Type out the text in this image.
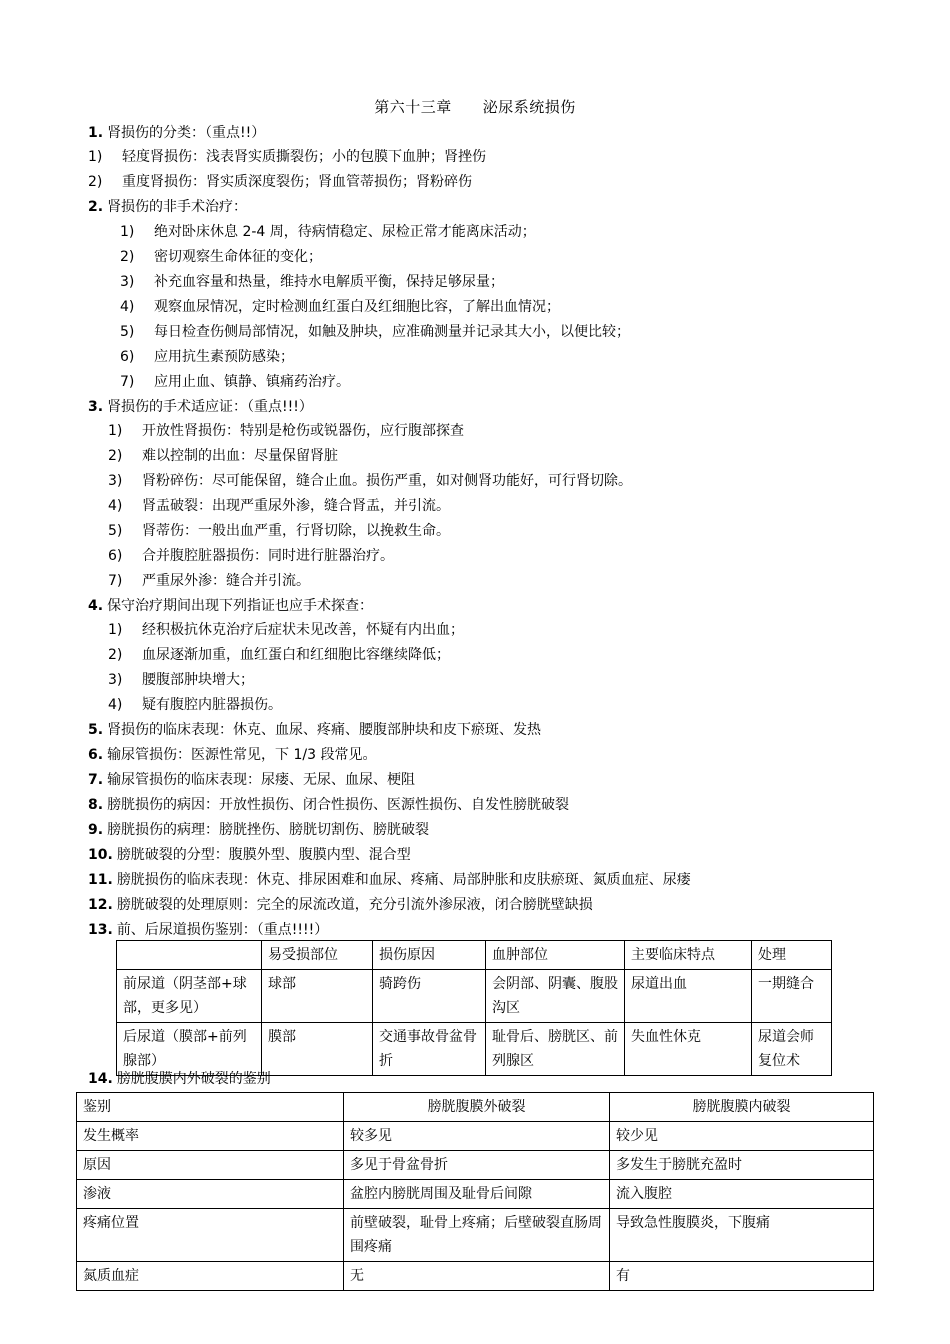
第六十三章　　泌尿系统损伤
1. 肾损伤的分类：（重点!!）
1) 轻度肾损伤：浅表肾实质撕裂伤；小的包膜下血肿；肾挫伤
2) 重度肾损伤：肾实质深度裂伤；肾血管蒂损伤；肾粉碎伤
2. 肾损伤的非手术治疗：
1) 绝对卧床休息 2-4 周，待病情稳定、尿检正常才能离床活动；
2) 密切观察生命体征的变化；
3) 补充血容量和热量，维持水电解质平衡，保持足够尿量；
4) 观察血尿情况，定时检测血红蛋白及红细胞比容，了解出血情况；
5) 每日检查伤侧局部情况，如触及肿块，应准确测量并记录其大小，以便比较；
6) 应用抗生素预防感染；
7) 应用止血、镇静、镇痛药治疗。
3. 肾损伤的手术适应证：（重点!!!）
1) 开放性肾损伤：特别是枪伤或锐器伤，应行腹部探查
2) 难以控制的出血：尽量保留肾脏
3) 肾粉碎伤：尽可能保留，缝合止血。损伤严重，如对侧肾功能好，可行肾切除。
4) 肾盂破裂：出现严重尿外渗，缝合肾盂，并引流。
5) 肾蒂伤：一般出血严重，行肾切除，以挽救生命。
6) 合并腹腔脏器损伤：同时进行脏器治疗。
7) 严重尿外渗：缝合并引流。
4. 保守治疗期间出现下列指证也应手术探查：
1) 经积极抗休克治疗后症状未见改善，怀疑有内出血；
2) 血尿逐渐加重，血红蛋白和红细胞比容继续降低；
3) 腰腹部肿块增大；
4) 疑有腹腔内脏器损伤。
5. 肾损伤的临床表现：休克、血尿、疼痛、腰腹部肿块和皮下瘀斑、发热
6. 输尿管损伤：医源性常见，下 1/3 段常见。
7. 输尿管损伤的临床表现：尿瘘、无尿、血尿、梗阻
8. 膀胱损伤的病因：开放性损伤、闭合性损伤、医源性损伤、自发性膀胱破裂
9. 膀胱损伤的病理：膀胱挫伤、膀胱切割伤、膀胱破裂
10. 膀胱破裂的分型：腹膜外型、腹膜内型、混合型
11. 膀胱损伤的临床表现：休克、排尿困难和血尿、疼痛、局部肿胀和皮肤瘀斑、氮质血症、尿瘘
12. 膀胱破裂的处理原则：完全的尿流改道，充分引流外渗尿液，闭合膀胱壁缺损
13. 前、后尿道损伤鉴别：（重点!!!!）
	易受损部位	损伤原因	血肿部位	主要临床特点	处理
前尿道（阴茎部+球部，更多见）	球部	骑跨伤	会阴部、阴囊、腹股沟区	尿道出血	一期缝合
后尿道（膜部+前列腺部）	膜部	交通事故骨盆骨折	耻骨后、膀胱区、前列腺区	失血性休克	尿道会师复位术
14. 膀胱腹膜内外破裂的鉴别
鉴别	膀胱腹膜外破裂	膀胱腹膜内破裂
发生概率	较多见	较少见
原因	多见于骨盆骨折	多发生于膀胱充盈时
渗液	盆腔内膀胱周围及耻骨后间隙	流入腹腔
疼痛位置	前壁破裂，耻骨上疼痛；后壁破裂直肠周围疼痛	导致急性腹膜炎，下腹痛
氮质血症	无	有
